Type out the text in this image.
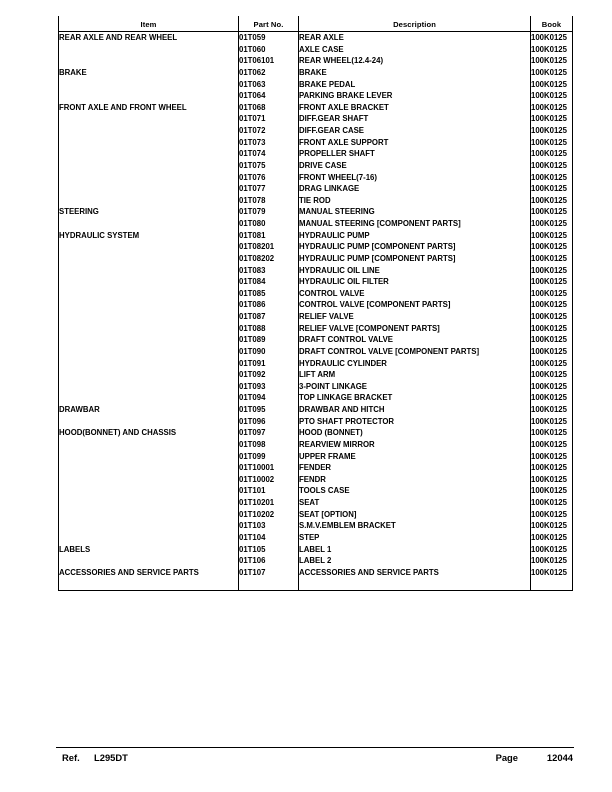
Item	Part No.	Description	Book
REAR AXLE AND REAR WHEEL	01T059	REAR AXLE	100K0125
	01T060	AXLE CASE	100K0125
	01T06101	REAR WHEEL(12.4-24)	100K0125
BRAKE	01T062	BRAKE	100K0125
	01T063	BRAKE PEDAL	100K0125
	01T064	PARKING BRAKE LEVER	100K0125
FRONT AXLE AND FRONT WHEEL	01T068	FRONT AXLE BRACKET	100K0125
	01T071	DIFF.GEAR SHAFT	100K0125
	01T072	DIFF.GEAR CASE	100K0125
	01T073	FRONT AXLE SUPPORT	100K0125
	01T074	PROPELLER SHAFT	100K0125
	01T075	DRIVE CASE	100K0125
	01T076	FRONT WHEEL(7-16)	100K0125
	01T077	DRAG LINKAGE	100K0125
	01T078	TIE ROD	100K0125
STEERING	01T079	MANUAL STEERING	100K0125
	01T080	MANUAL STEERING [COMPONENT PARTS]	100K0125
HYDRAULIC SYSTEM	01T081	HYDRAULIC PUMP	100K0125
	01T08201	HYDRAULIC PUMP [COMPONENT PARTS]	100K0125
	01T08202	HYDRAULIC PUMP [COMPONENT PARTS]	100K0125
	01T083	HYDRAULIC OIL LINE	100K0125
	01T084	HYDRAULIC OIL FILTER	100K0125
	01T085	CONTROL VALVE	100K0125
	01T086	CONTROL VALVE [COMPONENT PARTS]	100K0125
	01T087	RELIEF VALVE	100K0125
	01T088	RELIEF VALVE [COMPONENT PARTS]	100K0125
	01T089	DRAFT CONTROL VALVE	100K0125
	01T090	DRAFT CONTROL VALVE [COMPONENT PARTS]	100K0125
	01T091	HYDRAULIC CYLINDER	100K0125
	01T092	LIFT ARM	100K0125
	01T093	3-POINT LINKAGE	100K0125
	01T094	TOP LINKAGE BRACKET	100K0125
DRAWBAR	01T095	DRAWBAR AND HITCH	100K0125
	01T096	PTO SHAFT PROTECTOR	100K0125
HOOD(BONNET) AND CHASSIS	01T097	HOOD (BONNET)	100K0125
	01T098	REARVIEW MIRROR	100K0125
	01T099	UPPER FRAME	100K0125
	01T10001	FENDER	100K0125
	01T10002	FENDR	100K0125
	01T101	TOOLS CASE	100K0125
	01T10201	SEAT	100K0125
	01T10202	SEAT [OPTION]	100K0125
	01T103	S.M.V.EMBLEM BRACKET	100K0125
	01T104	STEP	100K0125
LABELS	01T105	LABEL 1	100K0125
	01T106	LABEL 2	100K0125
ACCESSORIES AND SERVICE PARTS	01T107	ACCESSORIES AND SERVICE PARTS	100K0125

Ref. L295DT	Page	12044
